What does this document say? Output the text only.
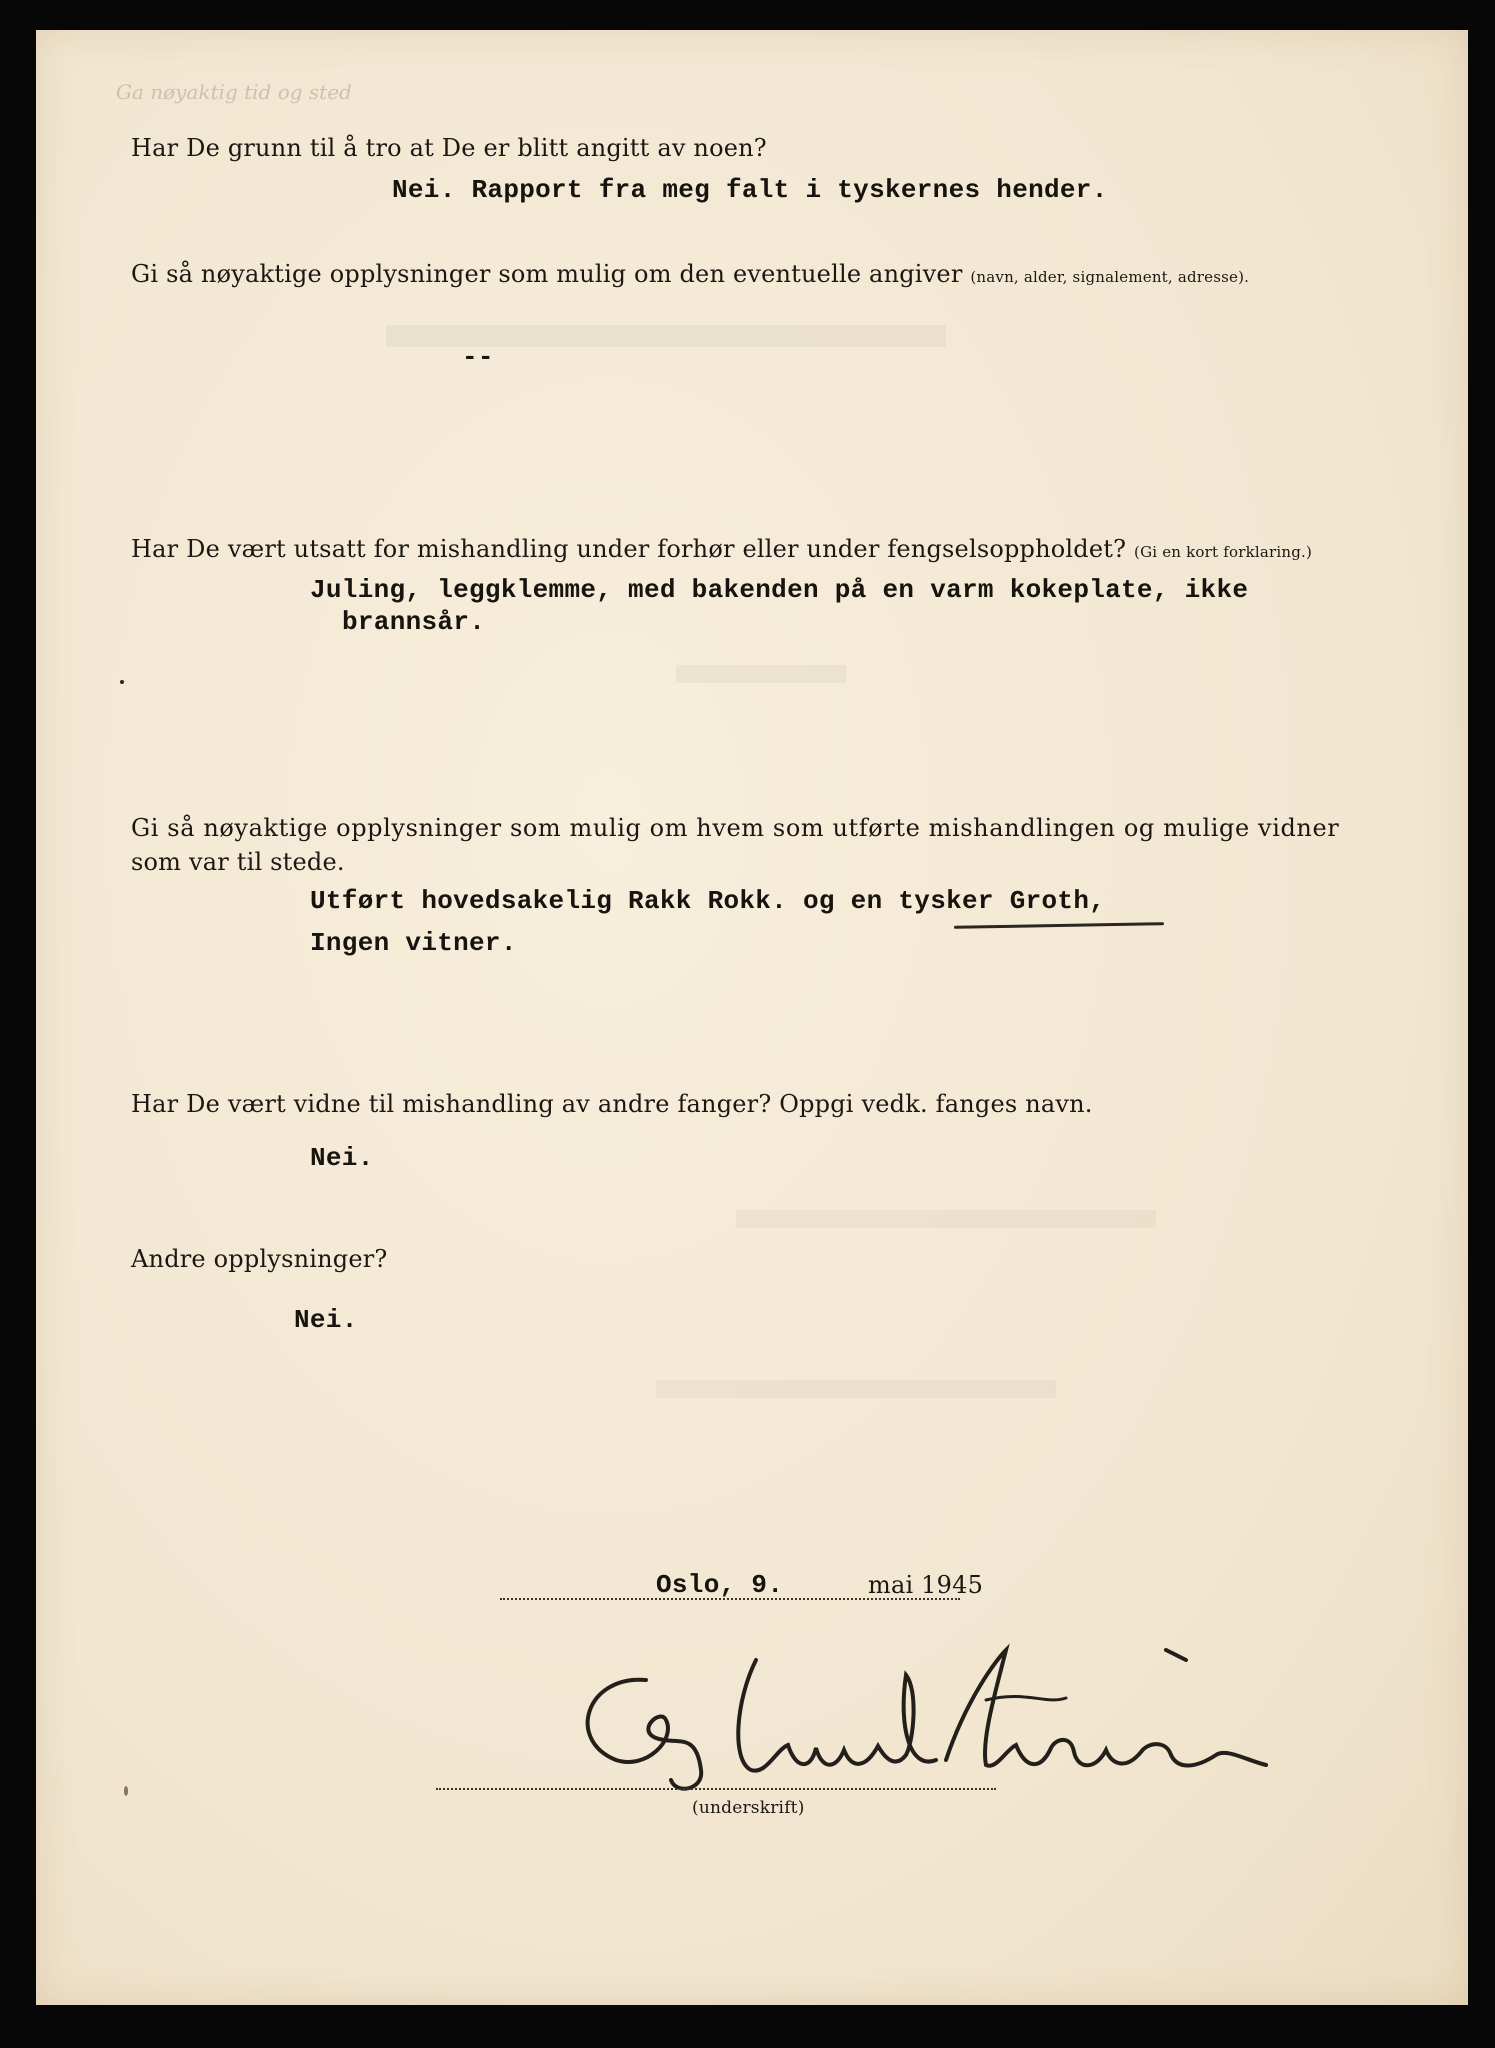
Ga nøyaktig tid og sted
Har De grunn til å tro at De er blitt angitt av noen?
Nei. Rapport fra meg falt i tyskernes hender.
Gi så nøyaktige opplysninger som mulig om den eventuelle angiver (navn, alder, signalement, adresse).
--
Har De vært utsatt for mishandling under forhør eller under fengselsoppholdet? (Gi en kort forklaring.)
Juling, leggklemme, med bakenden på en varm kokeplate, ikke
brannsår.
Gi så nøyaktige opplysninger som mulig om hvem som utførte mishandlingen og mulige vidner
som var til stede.
Utført hovedsakelig Rakk Rokk. og en tysker Groth,
Ingen vitner.
Har De vært vidne til mishandling av andre fanger? Oppgi vedk. fanges navn.
Nei.
Andre opplysninger?
Nei.
Oslo, 9.	mai 1945
(underskrift)
